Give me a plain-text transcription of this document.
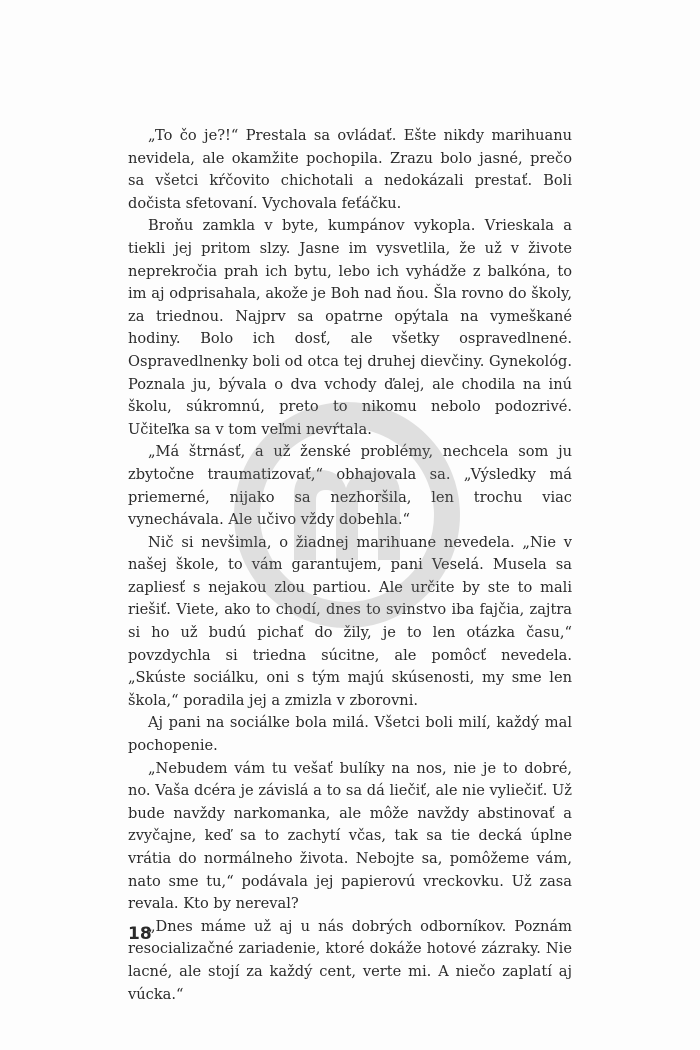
„To čo je?!“ Prestala sa ovládať. Ešte nikdy marihuanu nevidela, ale okamžite pochopila. Zrazu bolo jasné, prečo sa všetci kŕčovito chichotali a nedokázali prestať. Boli dočista sfetovaní. Vychovala feťáčku.

Broňu zamkla v byte, kumpánov vykopla. Vrieskala a tiekli jej pritom slzy. Jasne im vysvetlila, že už v živote neprekročia prah ich bytu, lebo ich vyhádže z balkóna, to im aj odprisahala, akože je Boh nad ňou. Šla rovno do školy, za triednou. Najprv sa opatrne opýtala na vymeškané hodiny. Bolo ich dosť, ale všetky ospravedlnené. Ospravedlnenky boli od otca tej druhej dievčiny. Gynekológ. Poznala ju, bývala o dva vchody ďalej, ale chodila na inú školu, súkromnú, preto to nikomu nebolo podozrivé. Učiteľka sa v tom veľmi nevŕtala.

„Má štrnásť, a už ženské problémy, nechcela som ju zbytočne traumatizovať,“ obhajovala sa. „Výsledky má priemerné, nijako sa nezhoršila, len trochu viac vynechávala. Ale učivo vždy dobehla.“

Nič si nevšimla, o žiadnej marihuane nevedela. „Nie v našej škole, to vám garantujem, pani Veselá. Musela sa zapliesť s nejakou zlou partiou. Ale určite by ste to mali riešiť. Viete, ako to chodí, dnes to svinstvo iba fajčia, zajtra si ho už budú pichať do žily, je to len otázka času,“ povzdychla si triedna súcitne, ale pomôcť nevedela. „Skúste sociálku, oni s tým majú skúsenosti, my sme len škola,“ poradila jej a zmizla v zborovni.

Aj pani na sociálke bola milá. Všetci boli milí, každý mal pochopenie.

„Nebudem vám tu vešať bulíky na nos, nie je to dobré, no. Vaša dcéra je závislá a to sa dá liečiť, ale nie vyliečiť. Už bude navždy narkomanka, ale môže navždy abstinovať a zvyčajne, keď sa to zachytí včas, tak sa tie decká úplne vrátia do normálneho života. Nebojte sa, pomôžeme vám, nato sme tu,“ podávala jej papierovú vreckovku. Už zasa revala. Kto by nereval?

„Dnes máme už aj u nás dobrých odborníkov. Poznám resocializačné zariadenie, ktoré dokáže hotové zázraky. Nie lacné, ale stojí za každý cent, verte mi. A niečo zaplatí aj vúcka.“

18
